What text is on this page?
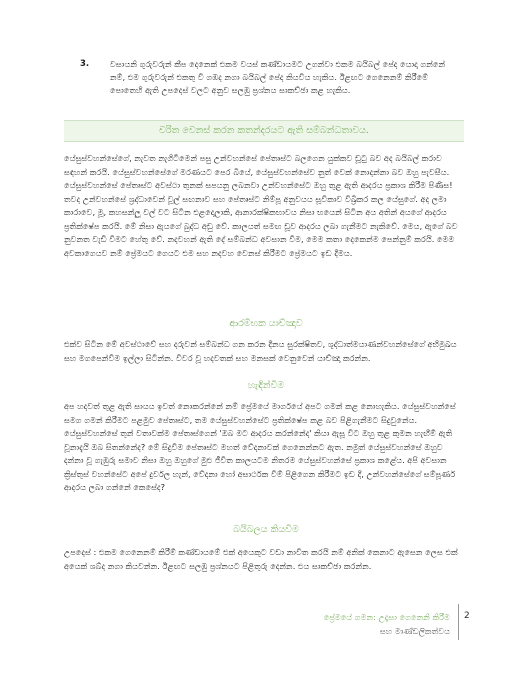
3.	වසායනි ගුරුවරුන් කීප දෙනෙක් එකම වයස් කණ්ඩායමට උගන්වා එකම බයිබල් පේද යොදා ගන්නේ නම්, එම ගුරුවරුන් එකතු වී ගඹද නගා බයිබල් පේද කියවීය හැකිය. ඊළඟට ගෙනෙනම් කිරීමේ පොතෙහි ඇති උපදෙස් වලට අනුව සලඹු ප්‍රශ්නය සාකච්ඡා කළ හැකිය.
චරිත වෙනස් කරන කතන්දරයට ඇති සම්බන්ධතාවය.
යේසුස්වහන්සේගේ, නැවත නැගිටීමෙන් පසු උන්වහන්සේ පේතෘස්ට බලගෙන යුක්කව ඩූටු බව අද බයිබල් කරාව සඳහන් කරයි. යේසුස්වහන්සේගේ මරණයට පෙර බියේ, යේසුස්වහන්සේව නුත් වෙක් නොදන්නා බව ඔහු පැවසීය. යේසුස්වහන්සේ පේතෘස්ට අවස්ථා තුනක් සපයනු ලබනවා උන්වහන්සේට ඔහු තුළ ඇති ආදරය ප්‍රකාශ කිරීම පිණිස! තවද උන්වහන්සේ ශ්‍රද්ධාවෙන් වූල් සඟනාව සහ පේතෘස්ට නිම්පූ අනුවයය සූවිකාව විඛ්‍රිකර කල යේසුගේ. අද ලමා කාරාවෙ, මූ, කහසන්ලූ වල් වට සිටින එළදොලාකි, ආනාරක්ෂිකභාවය නිසා භයෙන් සිටින අය අතින් අයගේ ආදරය ප්‍රතික්ෂේප කරයි. මේ නිසා ඇයගේ බුද්ධ අඩු වේ. කාලයත් සමඟ ඩූව ආදරය ලබා ගැනීමට නැකිවේ. මෙය, ඇගේ බව නුවනත වැඩී විමට හේතු වේ. නදවහන් ඇති දේ සම්බන්ධ අවසාන වීම, මෙම කතා දෙකෙන්ම පෙන්නුම් කරයි. මෙම අවකාගෙයව නම් ප්‍රේමයට ගෙයට එම සහ නදවහ වෙනස් කිරීමට ප්‍රේමයට ඉඩ දීමය.
ආරම්භක යාච්ඤාව
එක්ව සිටින මේ අවස්ථාවේ සහ දරුවන් සම්බන්ධ ගන කරන දීනය සුරක්ෂිතව, ශුද්ධාත්මයාණන්වහන්සේගේ අභිමුඛය සහ මගපෙන්වීම ඉල්ලා සිටින්න. විවර වූ හදවතක් සහ මනසක් වෙනුවෙන් යාච්ඤා කරන්න.
හැඳින්වීම
අප හදවත් තුළ ඇති සායය ඉවත් නොකරන්නේ නම් ප්‍රේමයේ මාර්ගයේ අපට ගමන් කළ නොහැකිය. යේසුස්වහන්සේ සමග ගමන් කිරීමට පළමුව පේතෘස්ට, තම යේසුස්වහන්සේට ප්‍රතික්ෂේප කළ බව පිළිගැනීමට සිදුවුනේය. යේසුස්වහන්සේ තුන් වතාවක්ම පේතෘස්ගෙන් 'ඔබ මට ආදරය කරන්නේද' කියා ඇසූ විට ඔහු තුළ කුමන හැඟීම් ඇති වූනාදැයි ඔබ සිතන්නේද? මේ සිදුවීම පේතෘස්ට මහත් වේදනාවක් ගෙනෙන්නට ඇත. නමුත් යේසුස්වහන්සේ ඔහුව දන්නා වූ ගැඹුරු සමාව නිසා ඔහු ඔහුගේ මුළු ජීවිත කාලයටම නිතරම යේසුස්වහන්සේ ප්‍රකාශ කළේය. අපි අවසාන ක්‍රිස්තුස් වහන්සේට අපේ දුර්වල හැන්, වේදනා හෝ අසාර්ථක වීම් පිළිගෙන කිරීමට ඉඩ දී, උන්වහන්සේගේ සම්පූර්ණ ආදරය ලබා ගන්නේ කෙසේද?
බයිබලය කියවීම
උපදෙස් : එකම ගෙනෙනම් කිරීම් කණ්ඩායමේ එක් අයෙකුට වඩා නාවිත කරයි නම් අනික් කෙනාට ඇසෙන ලෙස එක් අයෙක් ශබ්ද නගා කියවන්න. ඊළඟට සලඹු ප්‍රශ්නයට පිළිතුරු දෙන්න. එය සාකච්ඡා කරන්න.
ප්‍රේමයේ ගමන: උදෑසා ගෙනෙනි කිරීම
සහ මාණ්ඩලිකත්වය
2
